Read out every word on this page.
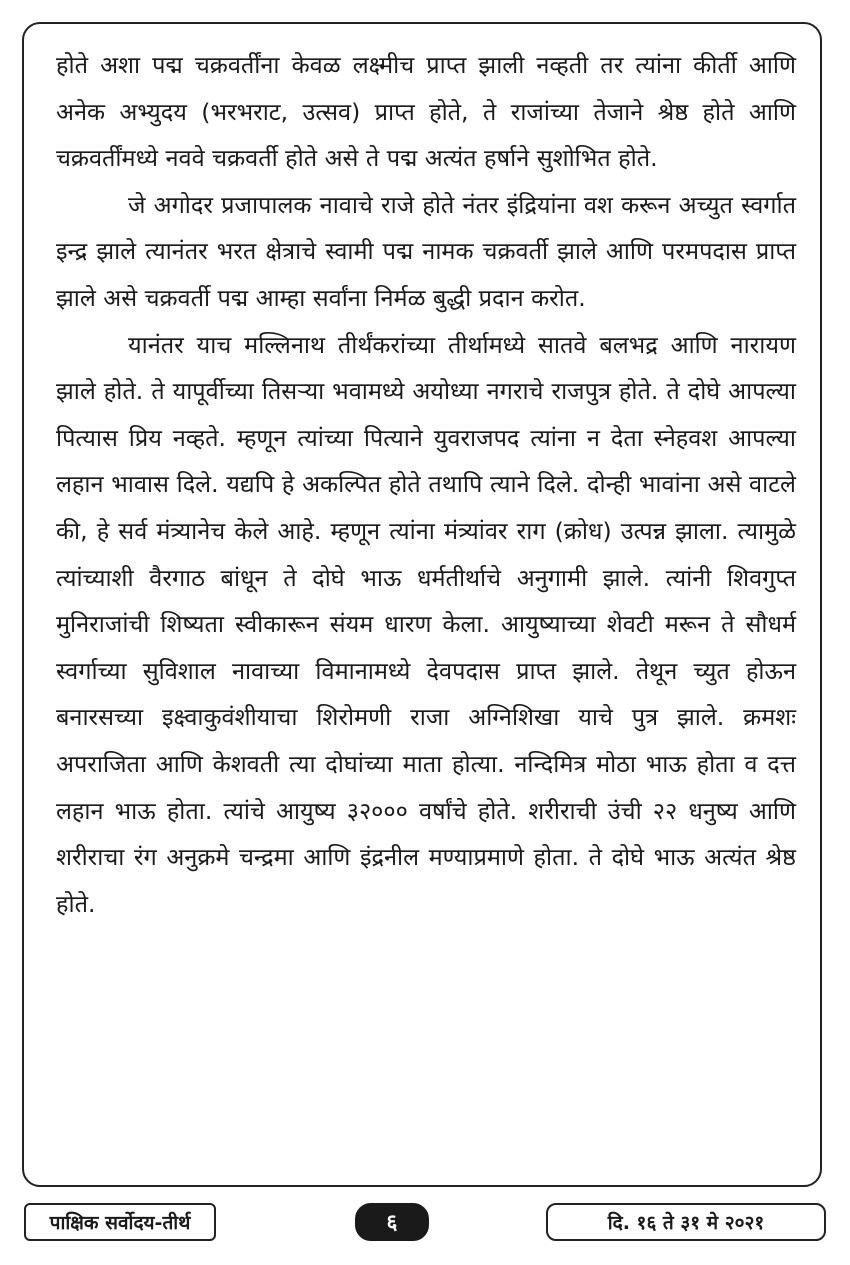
होते अशा पद्म चक्रवर्तींना केवळ लक्ष्मीच प्राप्त झाली नव्हती तर त्यांना कीर्ती आणि अनेक अभ्युदय (भरभराट, उत्सव) प्राप्त होते, ते राजांच्या तेजाने श्रेष्ठ होते आणि चक्रवर्तींमध्ये नववे चक्रवर्ती होते असे ते पद्म अत्यंत हर्षाने सुशोभित होते.

जे अगोदर प्रजापालक नावाचे राजे होते नंतर इंद्रियांना वश करून अच्युत स्वर्गात इन्द्र झाले त्यानंतर भरत क्षेत्राचे स्वामी पद्म नामक चक्रवर्ती झाले आणि परमपदास प्राप्त झाले असे चक्रवर्ती पद्म आम्हा सर्वांना निर्मळ बुद्धी प्रदान करोत.

यानंतर याच मल्लिनाथ तीर्थंकरांच्या तीर्थामध्ये सातवे बलभद्र आणि नारायण झाले होते. ते यापूर्वीच्या तिसऱ्या भवामध्ये अयोध्या नगराचे राजपुत्र होते. ते दोघे आपल्या पित्यास प्रिय नव्हते. म्हणून त्यांच्या पित्याने युवराजपद त्यांना न देता स्नेहवश आपल्या लहान भावास दिले. यद्यपि हे अकल्पित होते तथापि त्याने दिले. दोन्ही भावांना असे वाटले की, हे सर्व मंत्र्यानेच केले आहे. म्हणून त्यांना मंत्र्यांवर राग (क्रोध) उत्पन्न झाला. त्यामुळे त्यांच्याशी वैरगाठ बांधून ते दोघे भाऊ धर्मतीर्थाचे अनुगामी झाले. त्यांनी शिवगुप्त मुनिराजांची शिष्यता स्वीकारून संयम धारण केला. आयुष्याच्या शेवटी मरून ते सौधर्म स्वर्गाच्या सुविशाल नावाच्या विमानामध्ये देवपदास प्राप्त झाले. तेथून च्युत होऊन बनारसच्या इक्ष्वाकुवंशीयाचा शिरोमणी राजा अग्निशिखा याचे पुत्र झाले. क्रमशः अपराजिता आणि केशवती त्या दोघांच्या माता होत्या. नन्दिमित्र मोठा भाऊ होता व दत्त लहान भाऊ होता. त्यांचे आयुष्य ३२००० वर्षांचे होते. शरीराची उंची २२ धनुष्य आणि शरीराचा रंग अनुक्रमे चन्द्रमा आणि इंद्रनील मण्याप्रमाणे होता. ते दोघे भाऊ अत्यंत श्रेष्ठ होते.

पाक्षिक सर्वोदय-तीर्थ	६	दि. १६ ते ३१ मे २०२१
